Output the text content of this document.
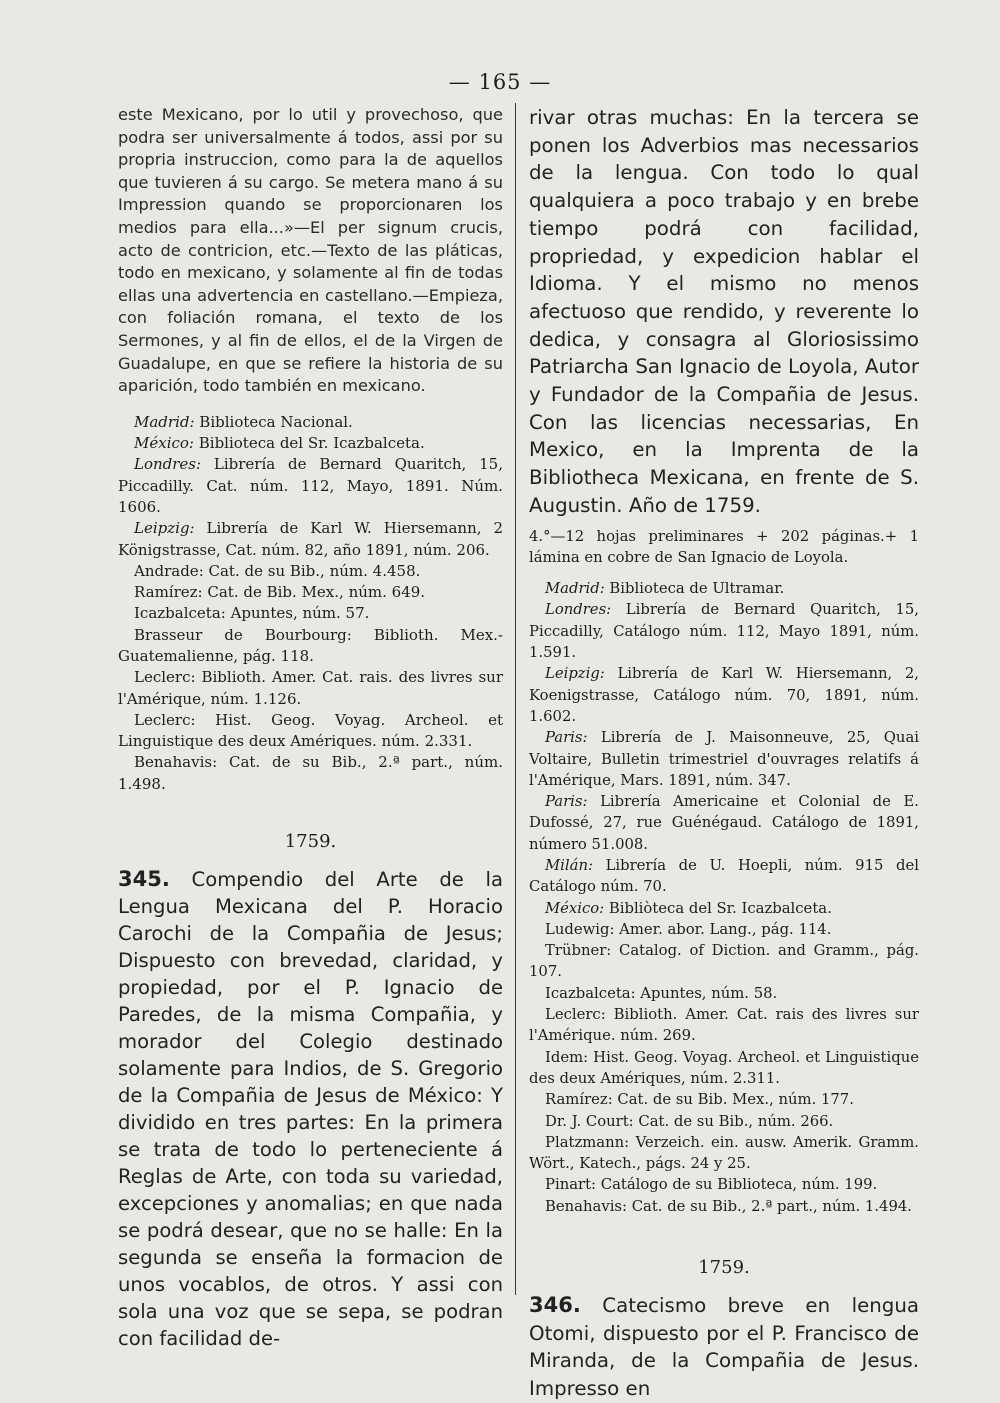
— 165 —

este Mexicano, por lo util y provechoso, que podra ser universalmente á todos, assi por su propria instruccion, como para la de aquellos que tuvieren á su cargo. Se metera mano á su Impression quando se proporcionaren los medios para ella...»—El per signum crucis, acto de contricion, etc.—Texto de las pláticas, todo en mexicano, y solamente al fin de todas ellas una advertencia en castellano.—Empieza, con foliación romana, el texto de los Sermones, y al fin de ellos, el de la Virgen de Guadalupe, en que se refiere la historia de su aparición, todo también en mexicano.

Madrid: Biblioteca Nacional.

México: Biblioteca del Sr. Icazbalceta.

Londres: Librería de Bernard Quaritch, 15, Piccadilly. Cat. núm. 112, Mayo, 1891. Núm. 1606.

Leipzig: Librería de Karl W. Hiersemann, 2 Königstrasse, Cat. núm. 82, año 1891, núm. 206.

Andrade: Cat. de su Bib., núm. 4.458.

Ramírez: Cat. de Bib. Mex., núm. 649.

Icazbalceta: Apuntes, núm. 57.

Brasseur de Bourbourg: Biblioth. Mex.-Guatemalienne, pág. 118.

Leclerc: Biblioth. Amer. Cat. rais. des livres sur l'Amérique, núm. 1.126.

Leclerc: Hist. Geog. Voyag. Archeol. et Linguistique des deux Amériques. núm. 2.331.

Benahavis: Cat. de su Bib., 2.ª part., núm. 1.498.

1759.

345. Compendio del Arte de la Lengua Mexicana del P. Horacio Carochi de la Compañia de Jesus; Dispuesto con brevedad, claridad, y propiedad, por el P. Ignacio de Paredes, de la misma Compañia, y morador del Colegio destinado solamente para Indios, de S. Gregorio de la Compañia de Jesus de México: Y dividido en tres partes: En la primera se trata de todo lo perteneciente á Reglas de Arte, con toda su variedad, excepciones y anomalias; en que nada se podrá desear, que no se halle: En la segunda se enseña la formacion de unos vocablos, de otros. Y assi con sola una voz que se sepa, se podran con facilidad de-

rivar otras muchas: En la tercera se ponen los Adverbios mas necessarios de la lengua. Con todo lo qual qualquiera a poco trabajo y en brebe tiempo podrá con facilidad, propriedad, y expedicion hablar el Idioma. Y el mismo no menos afectuoso que rendido, y reverente lo dedica, y consagra al Gloriosissimo Patriarcha San Ignacio de Loyola, Autor y Fundador de la Compañia de Jesus. Con las licencias necessarias, En Mexico, en la Imprenta de la Bibliotheca Mexicana, en frente de S. Augustin. Año de 1759.

4.°—12 hojas preliminares + 202 páginas.+ 1 lámina en cobre de San Ignacio de Loyola.

Madrid: Biblioteca de Ultramar.

Londres: Librería de Bernard Quaritch, 15, Piccadilly, Catálogo núm. 112, Mayo 1891, núm. 1.591.

Leipzig: Librería de Karl W. Hiersemann, 2, Koenigstrasse, Catálogo núm. 70, 1891, núm. 1.602.

Paris: Librería de J. Maisonneuve, 25, Quai Voltaire, Bulletin trimestriel d'ouvrages relatifs á l'Amérique, Mars. 1891, núm. 347.

Paris: Librería Americaine et Colonial de E. Dufossé, 27, rue Guénégaud. Catálogo de 1891, número 51.008.

Milán: Librería de U. Hoepli, núm. 915 del Catálogo núm. 70.

México: Bibliòteca del Sr. Icazbalceta.

Ludewig: Amer. abor. Lang., pág. 114.

Trübner: Catalog. of Diction. and Gramm., pág. 107.

Icazbalceta: Apuntes, núm. 58.

Leclerc: Biblioth. Amer. Cat. rais des livres sur l'Amérique. núm. 269.

Idem: Hist. Geog. Voyag. Archeol. et Linguistique des deux Amériques, núm. 2.311.

Ramírez: Cat. de su Bib. Mex., núm. 177.

Dr. J. Court: Cat. de su Bib., núm. 266.

Platzmann: Verzeich. ein. ausw. Amerik. Gramm. Wört., Katech., págs. 24 y 25.

Pinart: Catálogo de su Biblioteca, núm. 199.

Benahavis: Cat. de su Bib., 2.ª part., núm. 1.494.

1759.

346. Catecismo breve en lengua Otomi, dispuesto por el P. Francisco de Miranda, de la Compañia de Jesus. Impresso en
